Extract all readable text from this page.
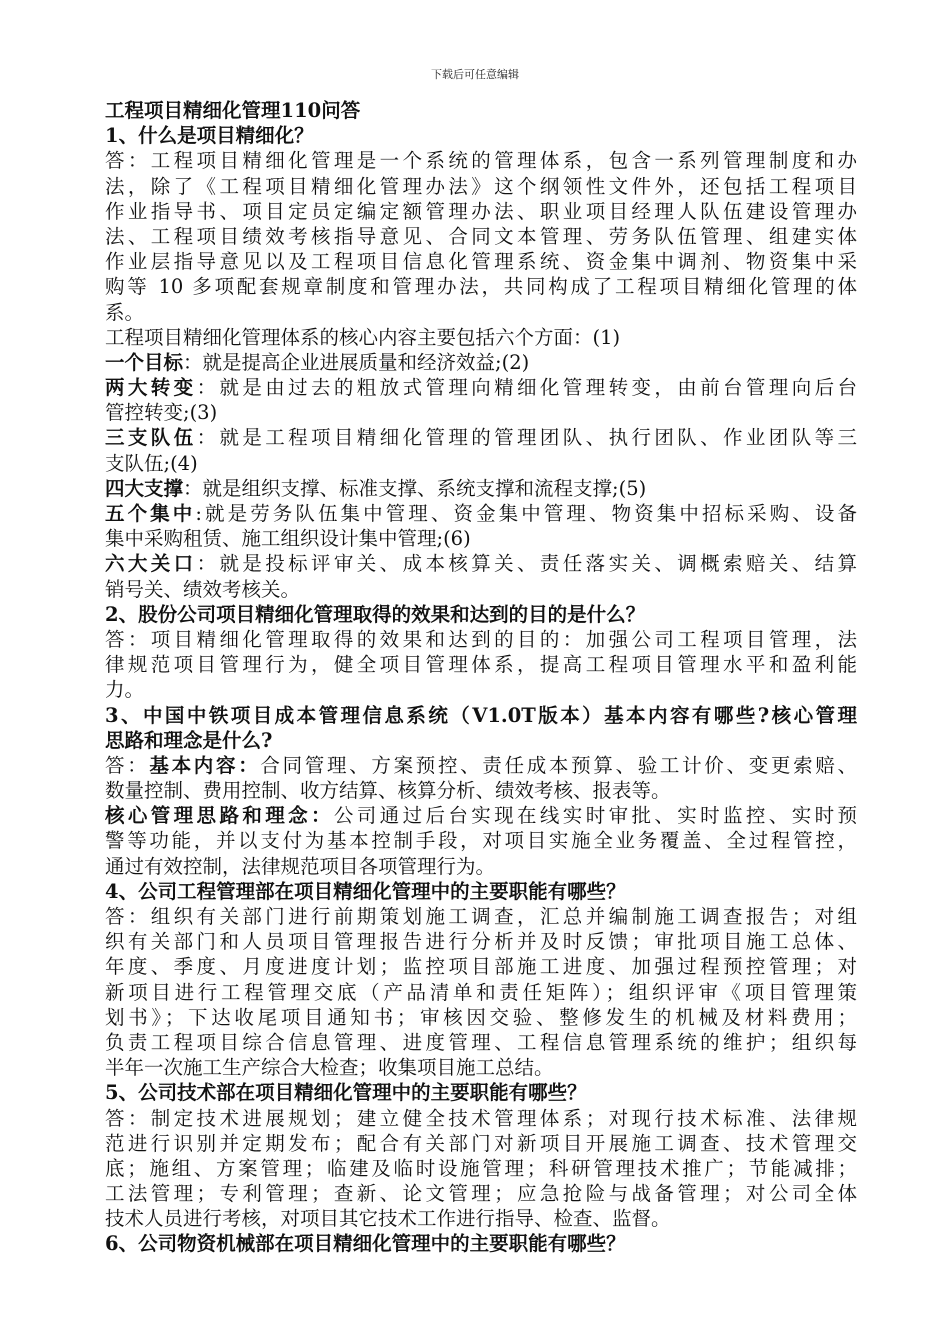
下载后可任意编辑
工程项目精细化管理110问答
1、什么是项目精细化？
答：工程项目精细化管理是一个系统的管理体系，包含一系列管理制度和办
法，除了《工程项目精细化管理办法》这个纲领性文件外，还包括工程项目
作业指导书、项目定员定编定额管理办法、职业项目经理人队伍建设管理办
法、工程项目绩效考核指导意见、合同文本管理、劳务队伍管理、组建实体
作业层指导意见以及工程项目信息化管理系统、资金集中调剂、物资集中采
购等 10 多项配套规章制度和管理办法，共同构成了工程项目精细化管理的体
系。
工程项目精细化管理体系的核心内容主要包括六个方面：(1)
一个目标：就是提高企业进展质量和经济效益;(2)
两大转变：就是由过去的粗放式管理向精细化管理转变，由前台管理向后台
管控转变;(3)
三支队伍：就是工程项目精细化管理的管理团队、执行团队、作业团队等三
支队伍;(4)
四大支撑：就是组织支撑、标准支撑、系统支撑和流程支撑;(5)
五个集中:就是劳务队伍集中管理、资金集中管理、物资集中招标采购、设备
集中采购租赁、施工组织设计集中管理;(6)
六大关口：就是投标评审关、成本核算关、责任落实关、调概索赔关、结算
销号关、绩效考核关。
2、股份公司项目精细化管理取得的效果和达到的目的是什么？
答：项目精细化管理取得的效果和达到的目的：加强公司工程项目管理，法
律规范项目管理行为，健全项目管理体系，提高工程项目管理水平和盈利能
力。
3、中国中铁项目成本管理信息系统（V1.0T版本）基本内容有哪些?核心管理
思路和理念是什么?
答：基本内容：合同管理、方案预控、责任成本预算、验工计价、变更索赔、
数量控制、费用控制、收方结算、核算分析、绩效考核、报表等。
核心管理思路和理念：公司通过后台实现在线实时审批、实时监控、实时预
警等功能，并以支付为基本控制手段，对项目实施全业务覆盖、全过程管控，
通过有效控制，法律规范项目各项管理行为。
4、公司工程管理部在项目精细化管理中的主要职能有哪些？
答：组织有关部门进行前期策划施工调查，汇总并编制施工调查报告；对组
织有关部门和人员项目管理报告进行分析并及时反馈；审批项目施工总体、
年度、季度、月度进度计划；监控项目部施工进度、加强过程预控管理；对
新项目进行工程管理交底（产品清单和责任矩阵）；组织评审《项目管理策
划书》；下达收尾项目通知书；审核因交验、整修发生的机械及材料费用；
负责工程项目综合信息管理、进度管理、工程信息管理系统的维护；组织每
半年一次施工生产综合大检查；收集项目施工总结。
5、公司技术部在项目精细化管理中的主要职能有哪些？
答：制定技术进展规划；建立健全技术管理体系；对现行技术标准、法律规
范进行识别并定期发布；配合有关部门对新项目开展施工调查、技术管理交
底；施组、方案管理；临建及临时设施管理；科研管理技术推广；节能减排；
工法管理；专利管理；查新、论文管理；应急抢险与战备管理；对公司全体
技术人员进行考核，对项目其它技术工作进行指导、检查、监督。
6、公司物资机械部在项目精细化管理中的主要职能有哪些？
